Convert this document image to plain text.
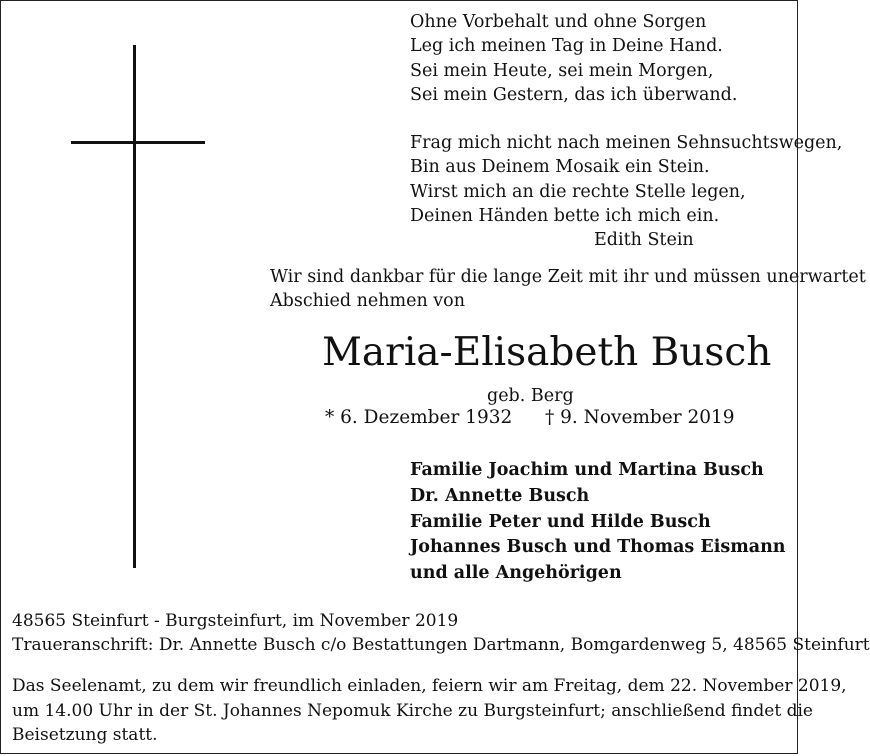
Ohne Vorbehalt und ohne Sorgen
Leg ich meinen Tag in Deine Hand.
Sei mein Heute, sei mein Morgen,
Sei mein Gestern, das ich überwand.
Frag mich nicht nach meinen Sehnsuchtswegen,
Bin aus Deinem Mosaik ein Stein.
Wirst mich an die rechte Stelle legen,
Deinen Händen bette ich mich ein.
Edith Stein
Wir sind dankbar für die lange Zeit mit ihr und müssen unerwartet
Abschied nehmen von
Maria-Elisabeth Busch
geb. Berg
* 6. Dezember 1932 † 9. November 2019
Familie Joachim und Martina Busch
Dr. Annette Busch
Familie Peter und Hilde Busch
Johannes Busch und Thomas Eismann
und alle Angehörigen
48565 Steinfurt - Burgsteinfurt, im November 2019
Traueranschrift: Dr. Annette Busch c/o Bestattungen Dartmann, Bomgardenweg 5, 48565 Steinfurt
Das Seelenamt, zu dem wir freundlich einladen, feiern wir am Freitag, dem 22. November 2019,
um 14.00 Uhr in der St. Johannes Nepomuk Kirche zu Burgsteinfurt; anschließend findet die
Beisetzung statt.
